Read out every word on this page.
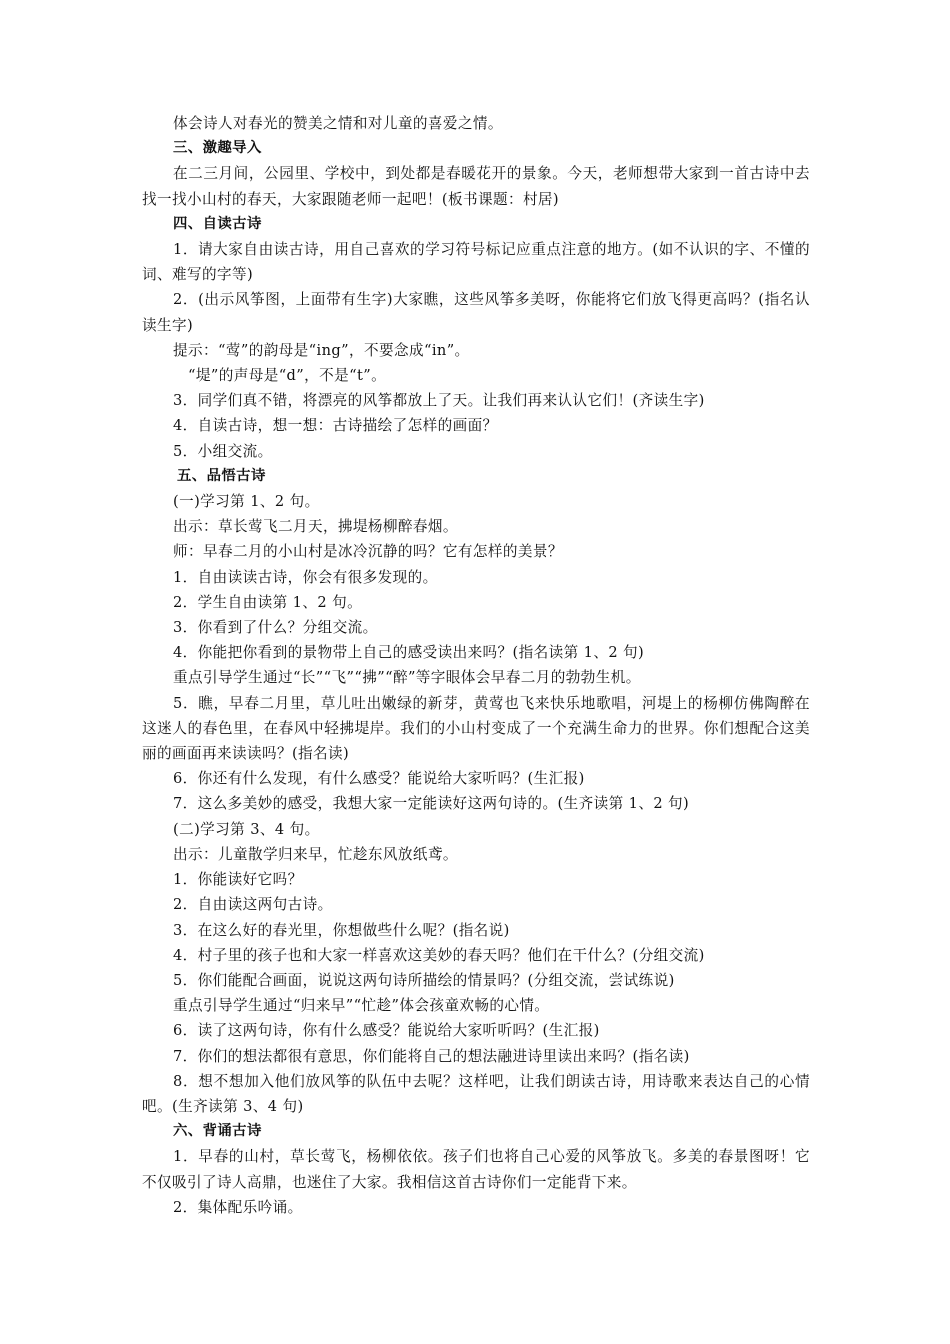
体会诗人对春光的赞美之情和对儿童的喜爱之情。

三、激趣导入

在二三月间，公园里、学校中，到处都是春暖花开的景象。今天，老师想带大家到一首古诗中去找一找小山村的春天，大家跟随老师一起吧！(板书课题：村居)

四、自读古诗

1．请大家自由读古诗，用自己喜欢的学习符号标记应重点注意的地方。(如不认识的字、不懂的词、难写的字等)

2．(出示风筝图，上面带有生字)大家瞧，这些风筝多美呀，你能将它们放飞得更高吗？(指名认读生字)

提示：“莺”的韵母是“ing”，不要念成“in”。

“堤”的声母是“d”，不是“t”。

3．同学们真不错，将漂亮的风筝都放上了天。让我们再来认认它们！(齐读生字)

4．自读古诗，想一想：古诗描绘了怎样的画面？

5．小组交流。

五、品悟古诗

(一)学习第 1、2 句。

出示：草长莺飞二月天，拂堤杨柳醉春烟。

师：早春二月的小山村是冰冷沉静的吗？它有怎样的美景？

1．自由读读古诗，你会有很多发现的。

2．学生自由读第 1、2 句。

3．你看到了什么？分组交流。

4．你能把你看到的景物带上自己的感受读出来吗？(指名读第 1、2 句)

重点引导学生通过“长”“飞”“拂”“醉”等字眼体会早春二月的勃勃生机。

5．瞧，早春二月里，草儿吐出嫩绿的新芽，黄莺也飞来快乐地歌唱，河堤上的杨柳仿佛陶醉在这迷人的春色里，在春风中轻拂堤岸。我们的小山村变成了一个充满生命力的世界。你们想配合这美丽的画面再来读读吗？(指名读)

6．你还有什么发现，有什么感受？能说给大家听吗？(生汇报)

7．这么多美妙的感受，我想大家一定能读好这两句诗的。(生齐读第 1、2 句)

(二)学习第 3、4 句。

出示：儿童散学归来早，忙趁东风放纸鸢。

1．你能读好它吗？

2．自由读这两句古诗。

3．在这么好的春光里，你想做些什么呢？(指名说)

4．村子里的孩子也和大家一样喜欢这美妙的春天吗？他们在干什么？(分组交流)

5．你们能配合画面，说说这两句诗所描绘的情景吗？(分组交流，尝试练说)

重点引导学生通过“归来早”“忙趁”体会孩童欢畅的心情。

6．读了这两句诗，你有什么感受？能说给大家听听吗？(生汇报)

7．你们的想法都很有意思，你们能将自己的想法融进诗里读出来吗？(指名读)

8．想不想加入他们放风筝的队伍中去呢？这样吧，让我们朗读古诗，用诗歌来表达自己的心情吧。(生齐读第 3、4 句)

六、背诵古诗

1．早春的山村，草长莺飞，杨柳依依。孩子们也将自己心爱的风筝放飞。多美的春景图呀！它不仅吸引了诗人高鼎，也迷住了大家。我相信这首古诗你们一定能背下来。

2．集体配乐吟诵。
